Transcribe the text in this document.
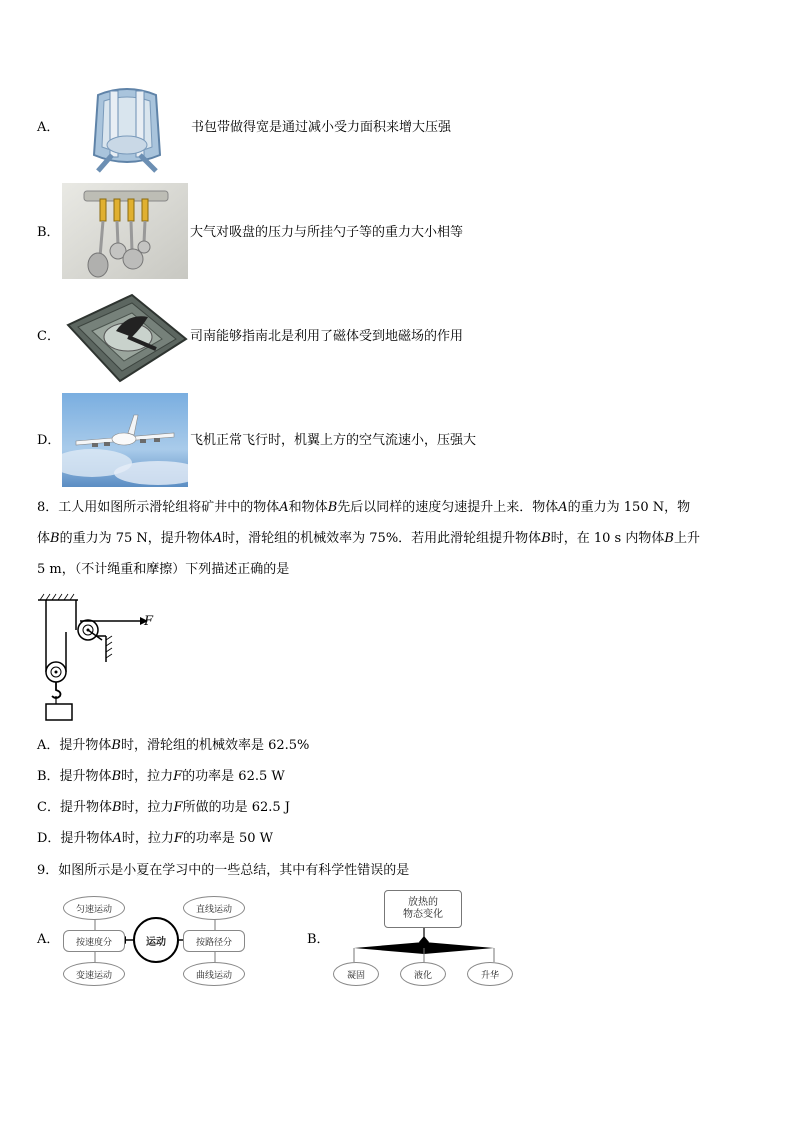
A．	书包带做得宽是通过减小受力面积来增大压强
B．	大气对吸盘的压力与所挂勺子等的重力大小相等
C．	司南能够指南北是利用了磁体受到地磁场的作用
D．	飞机正常飞行时，机翼上方的空气流速小，压强大
8．工人用如图所示滑轮组将矿井中的物体A和物体B先后以同样的速度匀速提升上来．物体A的重力为 150 N，物
体B的重力为 75 N，提升物体A时，滑轮组的机械效率为 75%．若用此滑轮组提升物体B时，在 10 s 内物体B上升
5 m，（不计绳重和摩擦）下列描述正确的是
F
A．提升物体B时，滑轮组的机械效率是 62.5%
B．提升物体B时，拉力F的功率是 62.5 W
C．提升物体B时，拉力F所做的功是 62.5 J
D．提升物体A时，拉力F的功率是 50 W
9．如图所示是小夏在学习中的一些总结，其中有科学性错误的是
A．
匀速运动
按速度分
变速运动
运动
直线运动
按路径分
曲线运动
B．
放热的
物态变化
凝固	液化	升华
